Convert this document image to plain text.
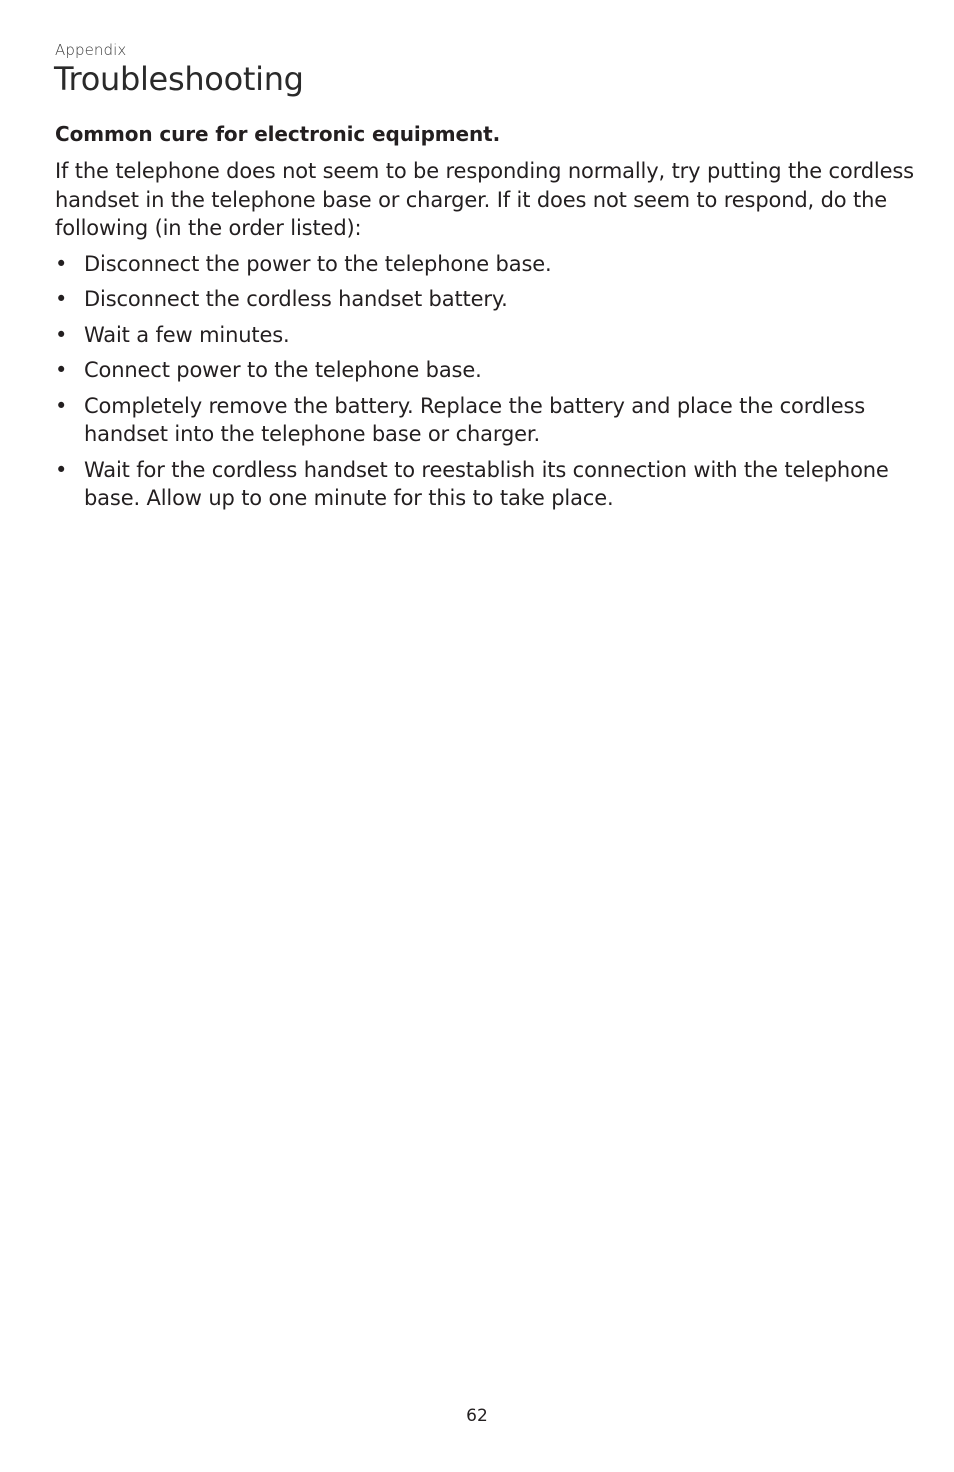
Appendix
Troubleshooting

Common cure for electronic equipment.

If the telephone does not seem to be responding normally, try putting the cordless handset in the telephone base or charger. If it does not seem to respond, do the following (in the order listed):

• Disconnect the power to the telephone base.
• Disconnect the cordless handset battery.
• Wait a few minutes.
• Connect power to the telephone base.
• Completely remove the battery. Replace the battery and place the cordless handset into the telephone base or charger.
• Wait for the cordless handset to reestablish its connection with the telephone base. Allow up to one minute for this to take place.
62
